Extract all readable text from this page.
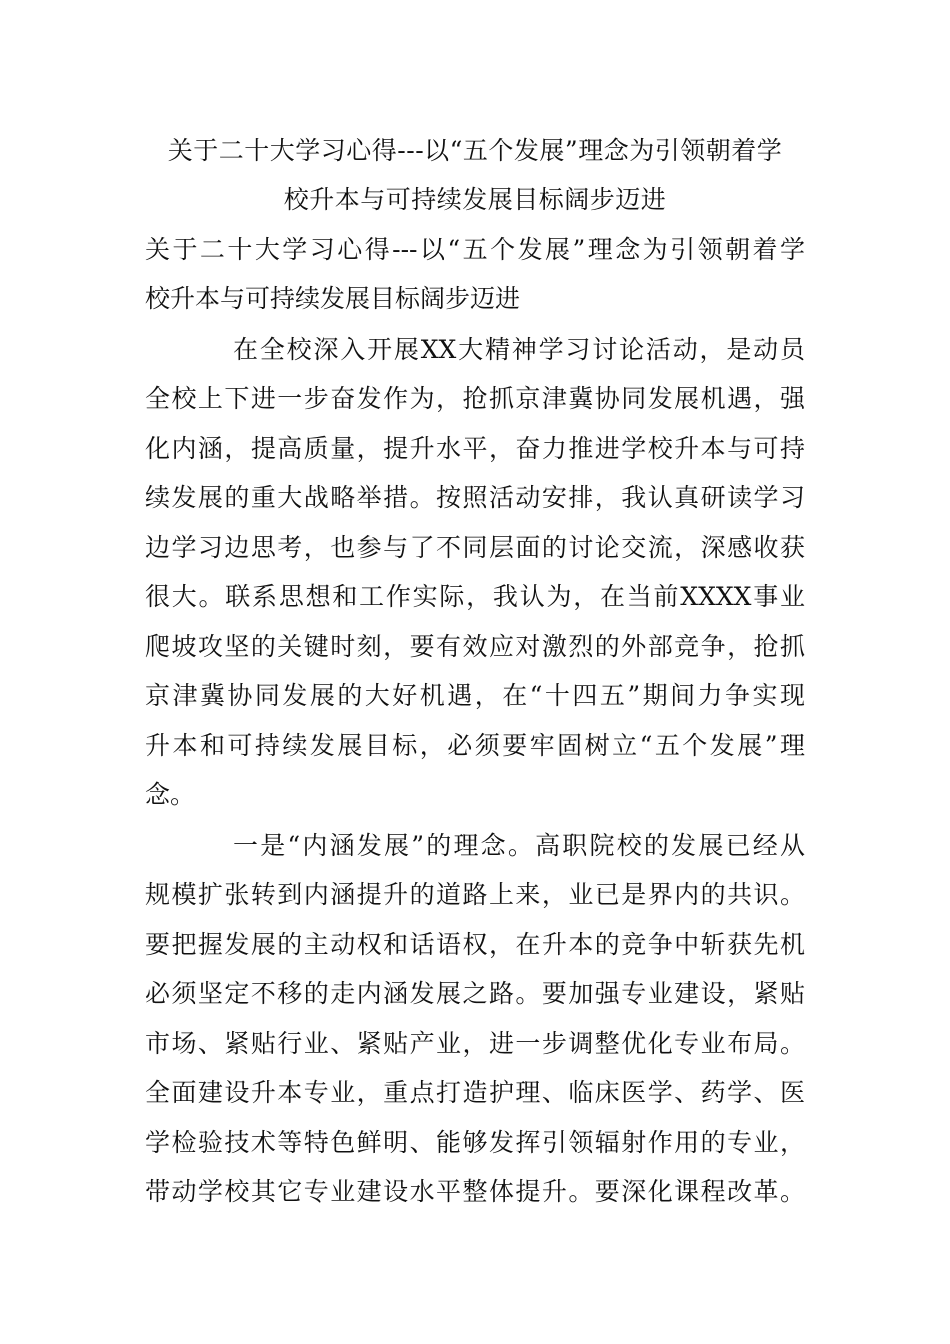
关于二十大学习心得---以“五个发展”理念为引领朝着学
校升本与可持续发展目标阔步迈进
关于二十大学习心得---以“五个发展”理念为引领朝着学
校升本与可持续发展目标阔步迈进
在全校深入开展XX大精神学习讨论活动，是动员
全校上下进一步奋发作为，抢抓京津冀协同发展机遇，强
化内涵，提高质量，提升水平，奋力推进学校升本与可持
续发展的重大战略举措。按照活动安排，我认真研读学习
边学习边思考，也参与了不同层面的讨论交流，深感收获
很大。联系思想和工作实际，我认为，在当前XXXX事业
爬坡攻坚的关键时刻，要有效应对激烈的外部竞争，抢抓
京津冀协同发展的大好机遇，在“十四五”期间力争实现
升本和可持续发展目标，必须要牢固树立“五个发展”理
念。
一是“内涵发展”的理念。高职院校的发展已经从
规模扩张转到内涵提升的道路上来，业已是界内的共识。
要把握发展的主动权和话语权，在升本的竞争中斩获先机
必须坚定不移的走内涵发展之路。要加强专业建设，紧贴
市场、紧贴行业、紧贴产业，进一步调整优化专业布局。
全面建设升本专业，重点打造护理、临床医学、药学、医
学检验技术等特色鲜明、能够发挥引领辐射作用的专业，
带动学校其它专业建设水平整体提升。要深化课程改革。
